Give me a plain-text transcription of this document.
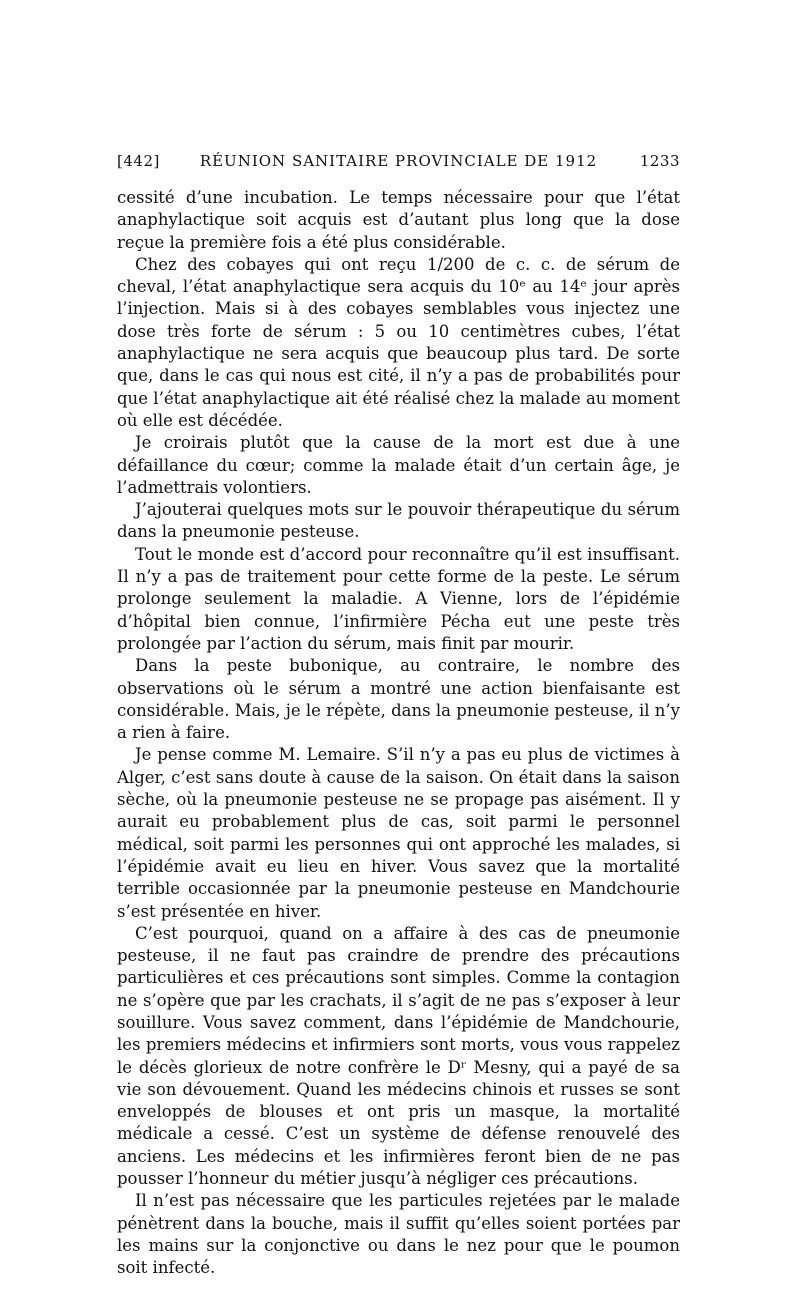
[442]	RÉUNION SANITAIRE PROVINCIALE DE 1912	1233

cessité d’une incubation. Le temps nécessaire pour que l’état anaphylactique soit acquis est d’autant plus long que la dose reçue la première fois a été plus considérable.

Chez des cobayes qui ont reçu 1/200 de c. c. de sérum de cheval, l’état anaphylactique sera acquis du 10ᵉ au 14ᵉ jour après l’injection. Mais si à des cobayes semblables vous injectez une dose très forte de sérum : 5 ou 10 centimètres cubes, l’état anaphylactique ne sera acquis que beaucoup plus tard. De sorte que, dans le cas qui nous est cité, il n’y a pas de probabilités pour que l’état anaphylactique ait été réalisé chez la malade au moment où elle est décédée.

Je croirais plutôt que la cause de la mort est due à une défaillance du cœur; comme la malade était d’un certain âge, je l’admettrais volontiers.

J’ajouterai quelques mots sur le pouvoir thérapeutique du sérum dans la pneumonie pesteuse.

Tout le monde est d’accord pour reconnaître qu’il est insuffisant. Il n’y a pas de traitement pour cette forme de la peste. Le sérum prolonge seulement la maladie. A Vienne, lors de l’épidémie d’hôpital bien connue, l’infirmière Pécha eut une peste très prolongée par l’action du sérum, mais finit par mourir.

Dans la peste bubonique, au contraire, le nombre des observations où le sérum a montré une action bienfaisante est considérable. Mais, je le répète, dans la pneumonie pesteuse, il n’y a rien à faire.

Je pense comme M. Lemaire. S’il n’y a pas eu plus de victimes à Alger, c’est sans doute à cause de la saison. On était dans la saison sèche, où la pneumonie pesteuse ne se propage pas aisément. Il y aurait eu probablement plus de cas, soit parmi le personnel médical, soit parmi les personnes qui ont approché les malades, si l’épidémie avait eu lieu en hiver. Vous savez que la mortalité terrible occasionnée par la pneumonie pesteuse en Mandchourie s’est présentée en hiver.

C’est pourquoi, quand on a affaire à des cas de pneumonie pesteuse, il ne faut pas craindre de prendre des précautions particulières et ces précautions sont simples. Comme la contagion ne s’opère que par les crachats, il s’agit de ne pas s’exposer à leur souillure. Vous savez comment, dans l’épidémie de Mandchourie, les premiers médecins et infirmiers sont morts, vous vous rappelez le décès glorieux de notre confrère le Dʳ Mesny, qui a payé de sa vie son dévouement. Quand les médecins chinois et russes se sont enveloppés de blouses et ont pris un masque, la mortalité médicale a cessé. C’est un système de défense renouvelé des anciens. Les médecins et les infirmières feront bien de ne pas pousser l’honneur du métier jusqu’à négliger ces précautions.

Il n’est pas nécessaire que les particules rejetées par le malade pénètrent dans la bouche, mais il suffit qu’elles soient portées par les mains sur la conjonctive ou dans le nez pour que le poumon soit infecté.
